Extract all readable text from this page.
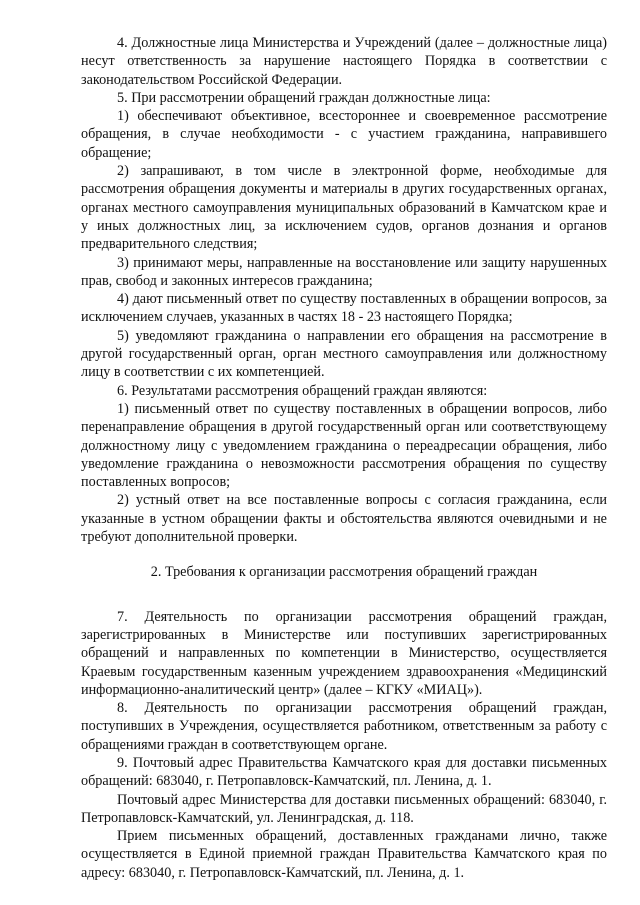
4. Должностные лица Министерства и Учреждений (далее – должностные лица) несут ответственность за нарушение настоящего Порядка в соответствии с законодательством Российской Федерации.

5. При рассмотрении обращений граждан должностные лица:

1) обеспечивают объективное, всестороннее и своевременное рассмотрение обращения, в случае необходимости - с участием гражданина, направившего обращение;

2) запрашивают, в том числе в электронной форме, необходимые для рассмотрения обращения документы и материалы в других государственных органах, органах местного самоуправления муниципальных образований в Камчатском крае и у иных должностных лиц, за исключением судов, органов дознания и органов предварительного следствия;

3) принимают меры, направленные на восстановление или защиту нарушенных прав, свобод и законных интересов гражданина;

4) дают письменный ответ по существу поставленных в обращении вопросов, за исключением случаев, указанных в частях 18 - 23 настоящего Порядка;

5) уведомляют гражданина о направлении его обращения на рассмотрение в другой государственный орган, орган местного самоуправления или должностному лицу в соответствии с их компетенцией.

6. Результатами рассмотрения обращений граждан являются:

1) письменный ответ по существу поставленных в обращении вопросов, либо перенаправление обращения в другой государственный орган или соответствующему должностному лицу с уведомлением гражданина о переадресации обращения, либо уведомление гражданина о невозможности рассмотрения обращения по существу поставленных вопросов;

2) устный ответ на все поставленные вопросы с согласия гражданина, если указанные в устном обращении факты и обстоятельства являются очевидными и не требуют дополнительной проверки.

2. Требования к организации рассмотрения обращений граждан

7. Деятельность по организации рассмотрения обращений граждан, зарегистрированных в Министерстве или поступивших зарегистрированных обращений и направленных по компетенции в Министерство, осуществляется Краевым государственным казенным учреждением здравоохранения «Медицинский информационно-аналитический центр» (далее – КГКУ «МИАЦ»).

8. Деятельность по организации рассмотрения обращений граждан, поступивших в Учреждения, осуществляется работником, ответственным за работу с обращениями граждан в соответствующем органе.

9. Почтовый адрес Правительства Камчатского края для доставки письменных обращений: 683040, г. Петропавловск-Камчатский, пл. Ленина, д. 1.

Почтовый адрес Министерства для доставки письменных обращений: 683040, г. Петропавловск-Камчатский, ул. Ленинградская, д. 118.

Прием письменных обращений, доставленных гражданами лично, также осуществляется в Единой приемной граждан Правительства Камчатского края по адресу: 683040, г. Петропавловск-Камчатский, пл. Ленина, д. 1.
